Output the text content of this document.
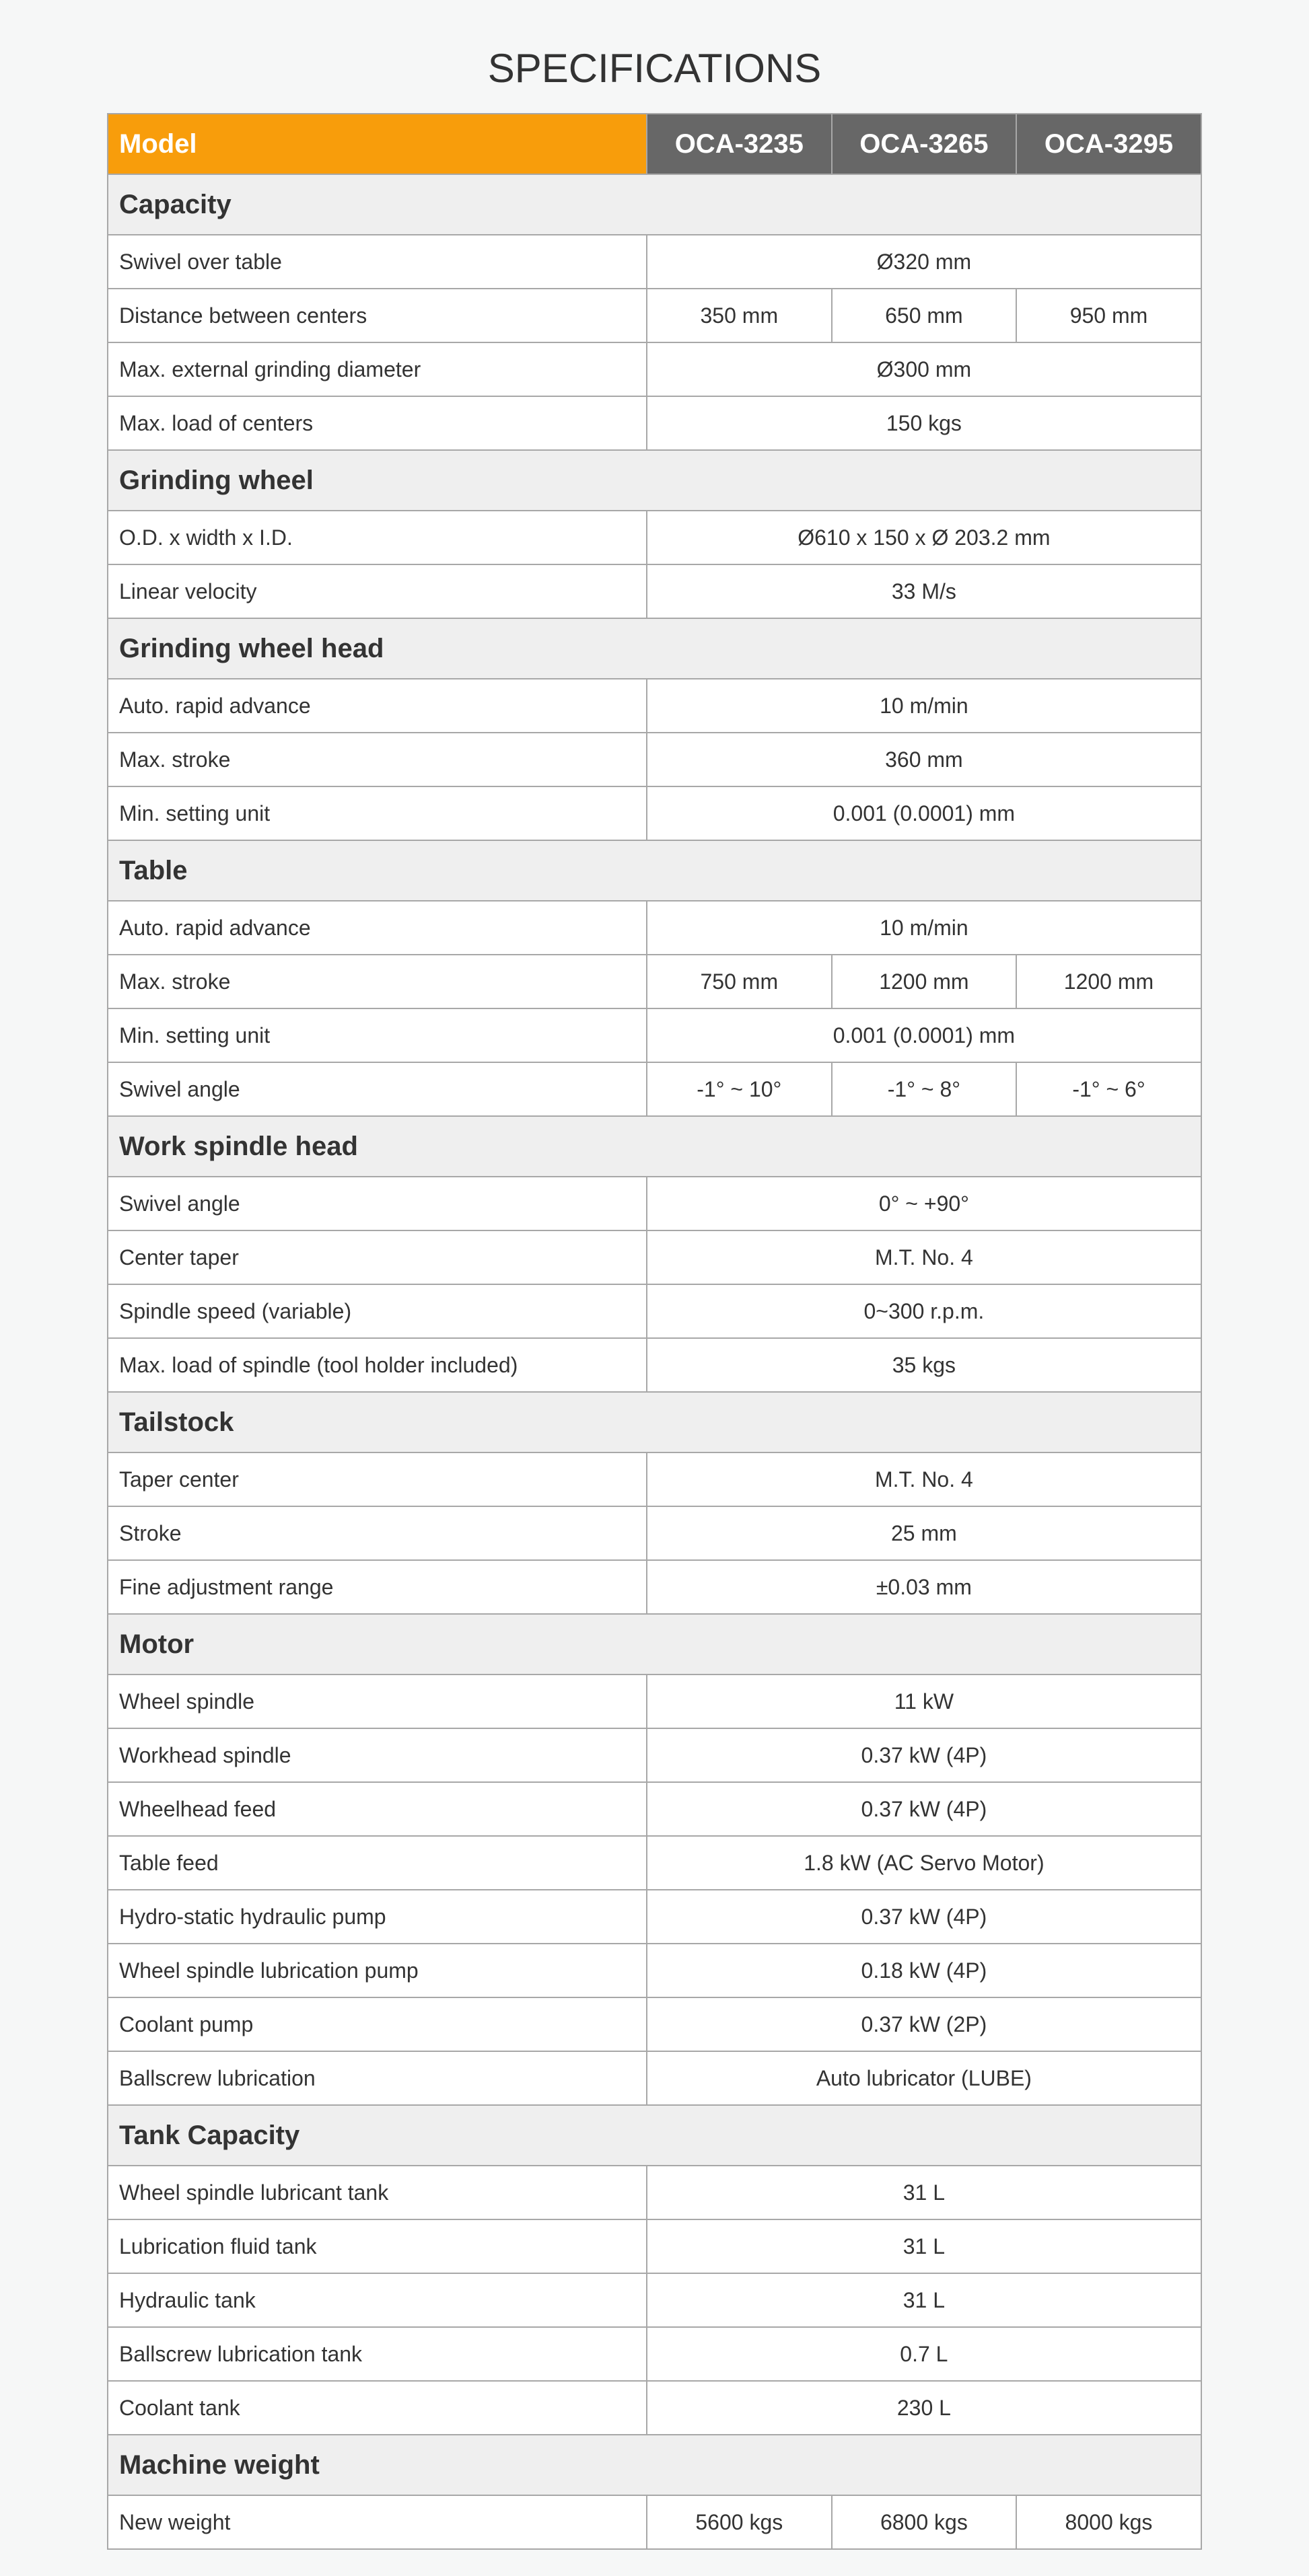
SPECIFICATIONS
Model	OCA-3235	OCA-3265	OCA-3295
Capacity			
Swivel over table	Ø320 mm		
Distance between centers	350 mm	650 mm	950 mm
Max. external grinding diameter	Ø300 mm		
Max. load of centers	150 kgs		
Grinding wheel			
O.D. x width x I.D.	Ø610 x 150 x Ø 203.2 mm		
Linear velocity	33 M/s		
Grinding wheel head			
Auto. rapid advance	10 m/min		
Max. stroke	360 mm		
Min. setting unit	0.001 (0.0001) mm		
Table			
Auto. rapid advance	10 m/min		
Max. stroke	750 mm	1200 mm	1200 mm
Min. setting unit	0.001 (0.0001) mm		
Swivel angle	-1° ~ 10°	-1° ~ 8°	-1° ~ 6°
Work spindle head			
Swivel angle	0° ~ +90°		
Center taper	M.T. No. 4		
Spindle speed (variable)	0~300 r.p.m.		
Max. load of spindle (tool holder included)	35 kgs		
Tailstock			
Taper center	M.T. No. 4		
Stroke	25 mm		
Fine adjustment range	±0.03 mm		
Motor			
Wheel spindle	11 kW		
Workhead spindle	0.37 kW (4P)		
Wheelhead feed	0.37 kW (4P)		
Table feed	1.8 kW (AC Servo Motor)		
Hydro-static hydraulic pump	0.37 kW (4P)		
Wheel spindle lubrication pump	0.18 kW (4P)		
Coolant pump	0.37 kW (2P)		
Ballscrew lubrication	Auto lubricator (LUBE)		
Tank Capacity			
Wheel spindle lubricant tank	31 L		
Lubrication fluid tank	31 L		
Hydraulic tank	31 L		
Ballscrew lubrication tank	0.7 L		
Coolant tank	230 L		
Machine weight			
New weight	5600 kgs	6800 kgs	8000 kgs
